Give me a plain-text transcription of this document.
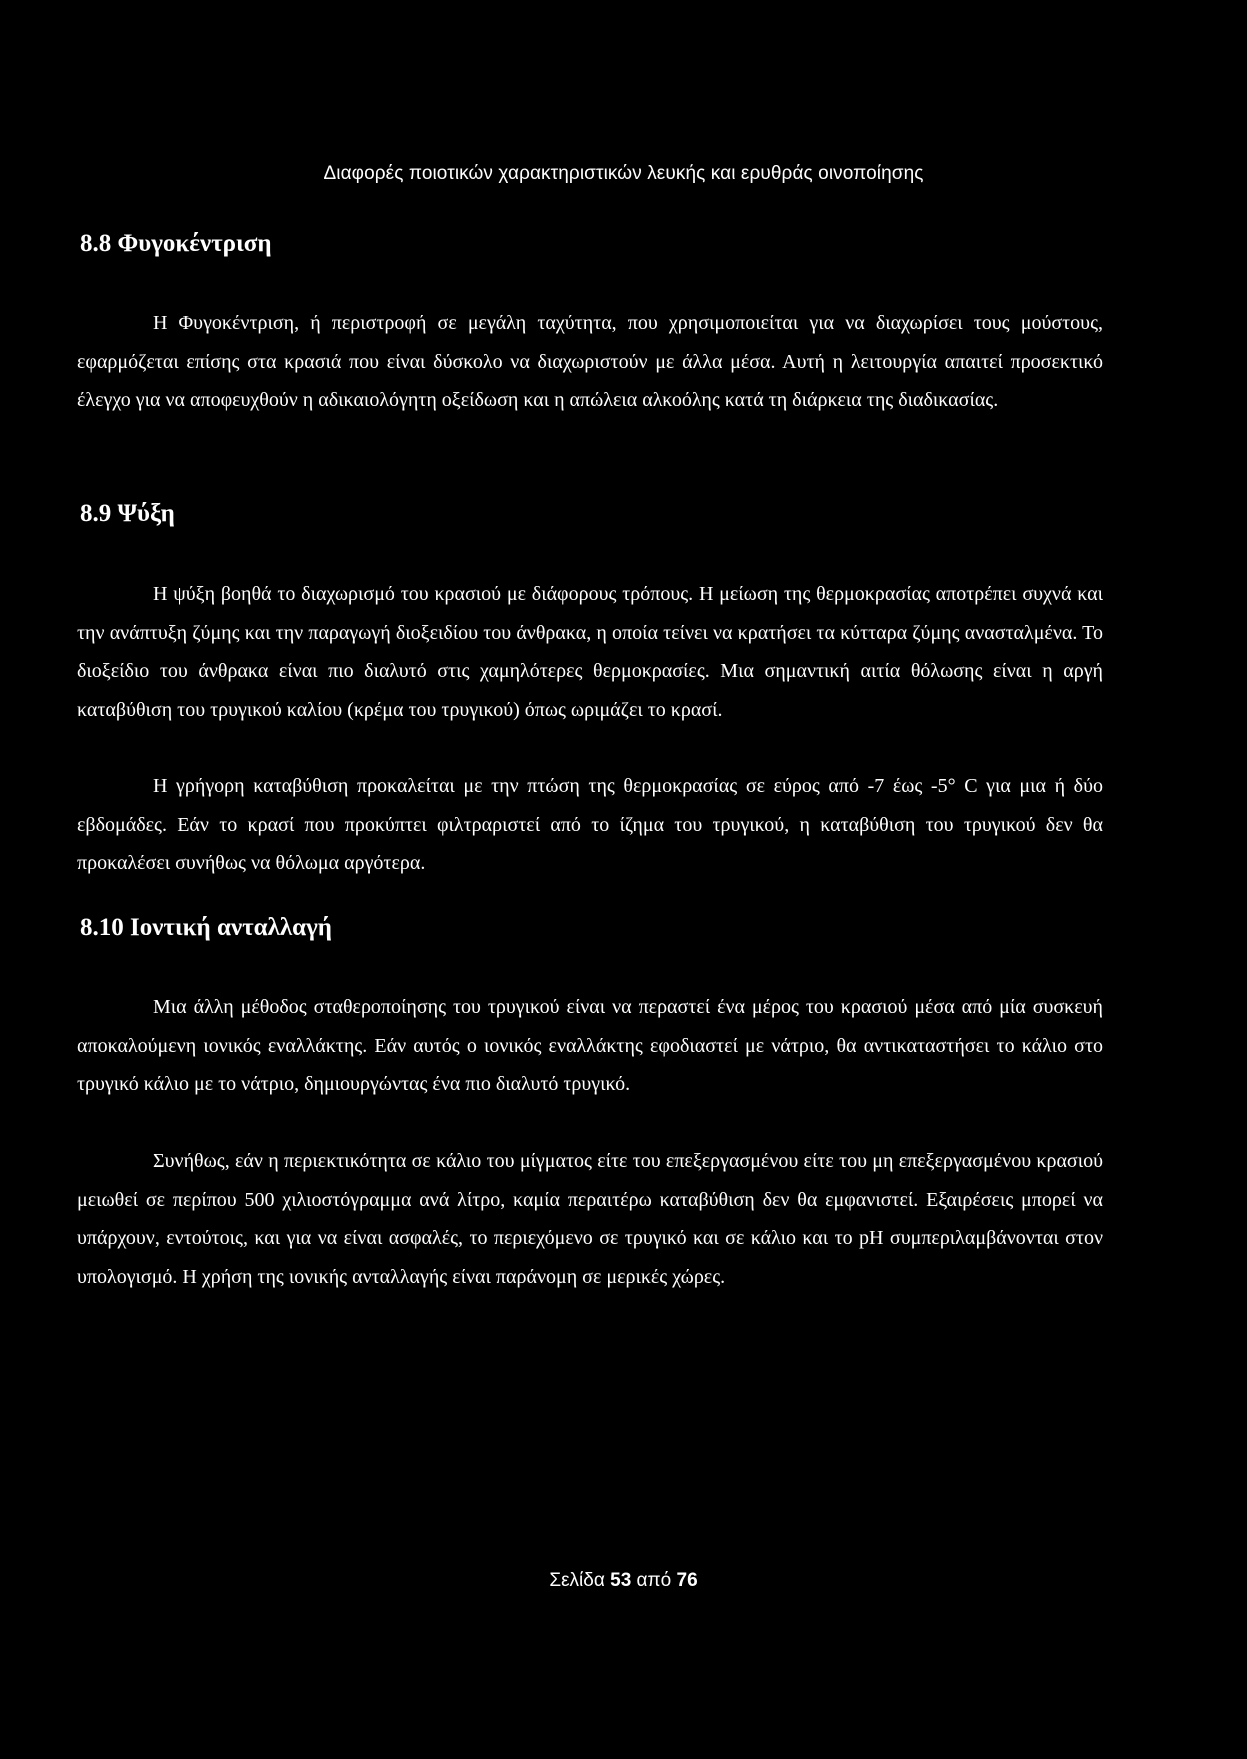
Διαφορές ποιοτικών χαρακτηριστικών λευκής και ερυθράς οινοποίησης
8.8 Φυγοκέντριση
Η Φυγοκέντριση, ή περιστροφή σε μεγάλη ταχύτητα, που χρησιμοποιείται για να διαχωρίσει τους μούστους, εφαρμόζεται επίσης στα κρασιά που είναι δύσκολο να διαχωριστούν με άλλα μέσα. Αυτή η λειτουργία απαιτεί προσεκτικό έλεγχο για να αποφευχθούν η αδικαιολόγητη οξείδωση και η απώλεια αλκοόλης κατά τη διάρκεια της διαδικασίας.
8.9 Ψύξη
Η ψύξη βοηθά το διαχωρισμό του κρασιού με διάφορους τρόπους. Η μείωση της θερμοκρασίας αποτρέπει συχνά και την ανάπτυξη ζύμης και την παραγωγή διοξειδίου του άνθρακα, η οποία τείνει να κρατήσει τα κύτταρα ζύμης ανασταλμένα. Το διοξείδιο του άνθρακα είναι πιο διαλυτό στις χαμηλότερες θερμοκρασίες. Μια σημαντική αιτία θόλωσης είναι η αργή καταβύθιση του τρυγικού καλίου (κρέμα του τρυγικού) όπως ωριμάζει το κρασί.
Η γρήγορη καταβύθιση προκαλείται με την πτώση της θερμοκρασίας σε εύρος από -7 έως -5° C για μια ή δύο εβδομάδες. Εάν το κρασί που προκύπτει φιλτραριστεί από το ίζημα του τρυγικού, η καταβύθιση του τρυγικού δεν θα προκαλέσει συνήθως να θόλωμα αργότερα.
8.10 Ιοντική ανταλλαγή
Μια άλλη μέθοδος σταθεροποίησης του τρυγικού είναι να περαστεί ένα μέρος του κρασιού μέσα από μία συσκευή αποκαλούμενη ιονικός εναλλάκτης. Εάν αυτός ο ιονικός εναλλάκτης εφοδιαστεί με νάτριο, θα αντικαταστήσει το κάλιο στο τρυγικό κάλιο με το νάτριο, δημιουργώντας ένα πιο διαλυτό τρυγικό.
Συνήθως, εάν η περιεκτικότητα σε κάλιο του μίγματος είτε του επεξεργασμένου είτε του μη επεξεργασμένου κρασιού μειωθεί σε περίπου 500 χιλιοστόγραμμα ανά λίτρο, καμία περαιτέρω καταβύθιση δεν θα εμφανιστεί. Εξαιρέσεις μπορεί να υπάρχουν, εντούτοις, και για να είναι ασφαλές, το περιεχόμενο σε τρυγικό και σε κάλιο και το pH συμπεριλαμβάνονται στον υπολογισμό. Η χρήση της ιονικής ανταλλαγής είναι παράνομη σε μερικές χώρες.
Σελίδα 53 από 76
